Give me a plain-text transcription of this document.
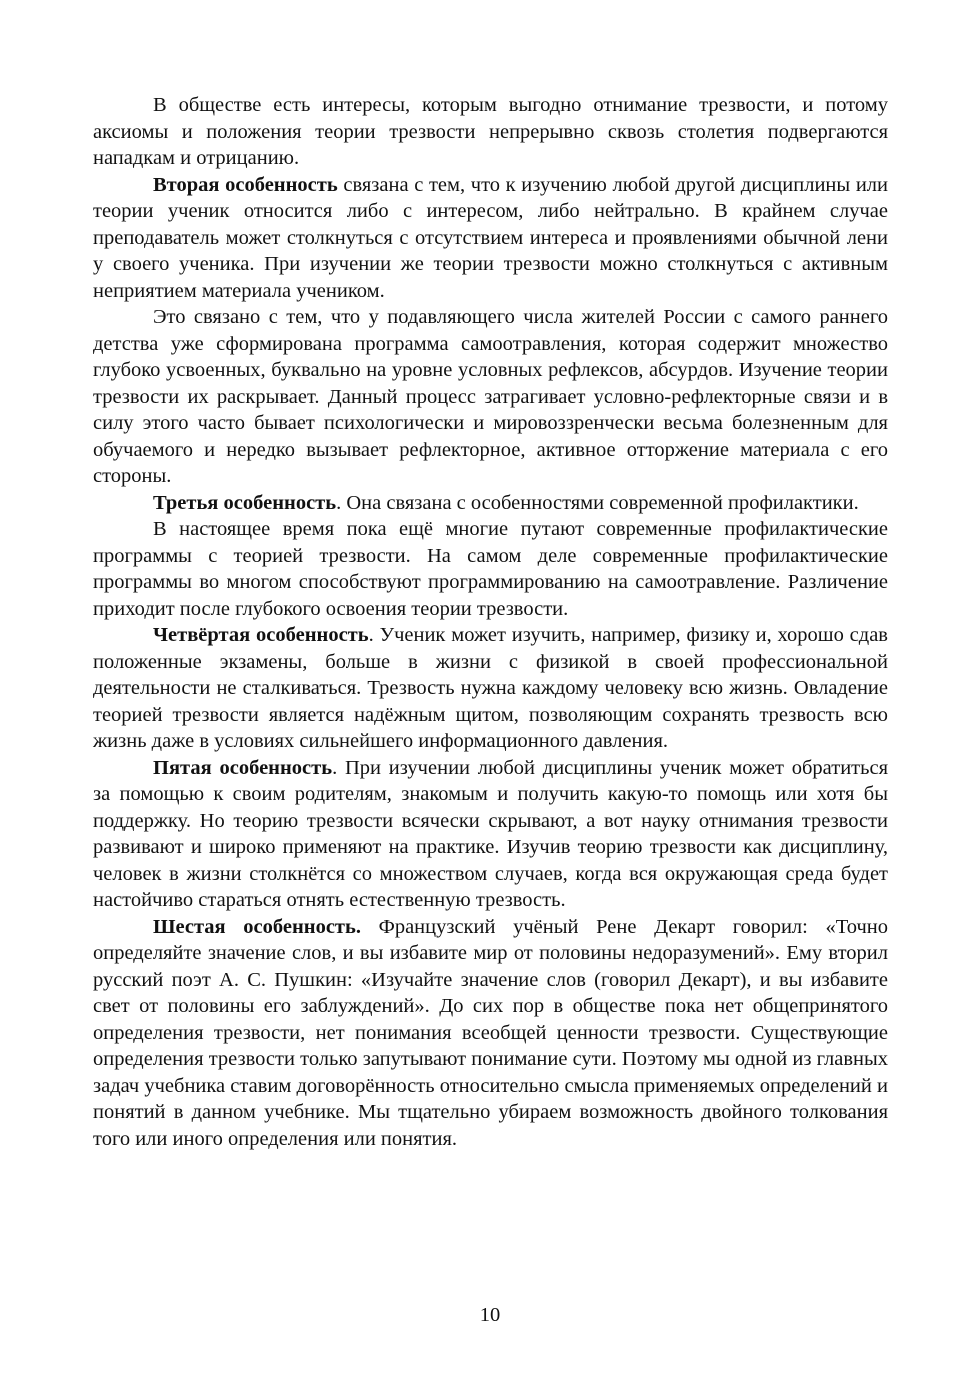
В обществе есть интересы, которым выгодно отнимание трезвости, и потому аксиомы и положения теории трезвости непрерывно сквозь столетия подвергаются нападкам и отрицанию.

Вторая особенность связана с тем, что к изучению любой другой дисциплины или теории ученик относится либо с интересом, либо нейтрально. В крайнем случае преподаватель может столкнуться с отсутствием интереса и проявлениями обычной лени у своего ученика. При изучении же теории трезвости можно столкнуться с активным неприятием материала учеником.

Это связано с тем, что у подавляющего числа жителей России с самого раннего детства уже сформирована программа самоотравления, которая содержит множество глубоко усвоенных, буквально на уровне условных рефлексов, абсурдов. Изучение теории трезвости их раскрывает. Данный процесс затрагивает условно-рефлекторные связи и в силу этого часто бывает психологически и мировоззренчески весьма болезненным для обучаемого и нередко вызывает рефлекторное, активное отторжение материала с его стороны.

Третья особенность. Она связана с особенностями современной профилактики.

В настоящее время пока ещё многие путают современные профилактические программы с теорией трезвости. На самом деле современные профилактические программы во многом способствуют программированию на самоотравление. Различение приходит после глубокого освоения теории трезвости.

Четвёртая особенность. Ученик может изучить, например, физику и, хорошо сдав положенные экзамены, больше в жизни с физикой в своей профессиональной деятельности не сталкиваться. Трезвость нужна каждому человеку всю жизнь. Овладение теорией трезвости является надёжным щитом, позволяющим сохранять трезвость всю жизнь даже в условиях сильнейшего информационного давления.

Пятая особенность. При изучении любой дисциплины ученик может обратиться за помощью к своим родителям, знакомым и получить какую-то помощь или хотя бы поддержку. Но теорию трезвости всячески скрывают, а вот науку отнимания трезвости развивают и широко применяют на практике. Изучив теорию трезвости как дисциплину, человек в жизни столкнётся со множеством случаев, когда вся окружающая среда будет настойчиво стараться отнять естественную трезвость.

Шестая особенность. Французский учёный Рене Декарт говорил: «Точно определяйте значение слов, и вы избавите мир от половины недоразумений». Ему вторил русский поэт А. С. Пушкин: «Изучайте значение слов (говорил Декарт), и вы избавите свет от половины его заблуждений». До сих пор в обществе пока нет общепринятого определения трезвости, нет понимания всеобщей ценности трезвости. Существующие определения трезвости только запутывают понимание сути. Поэтому мы одной из главных задач учебника ставим договорённость относительно смысла применяемых определений и понятий в данном учебнике. Мы тщательно убираем возможность двойного толкования того или иного определения или понятия.

10
